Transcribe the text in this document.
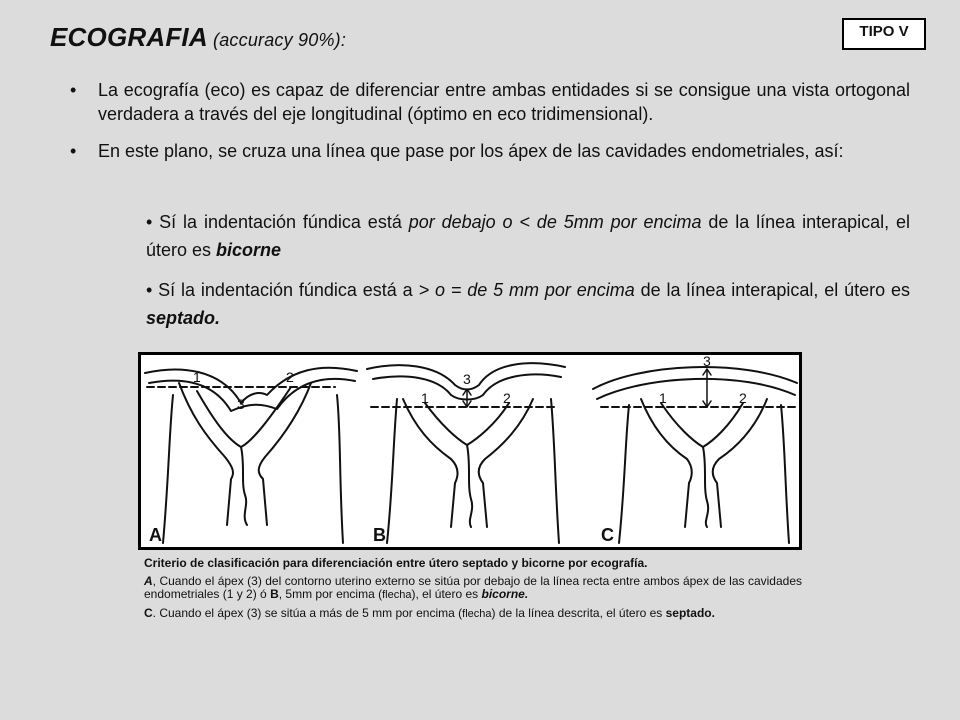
TIPO V
ECOGRAFIA (accuracy 90%):
• La ecografía (eco) es capaz de diferenciar entre ambas entidades si se consigue una vista ortogonal verdadera a través del eje longitudinal (óptimo en eco tridimensional).
• En este plano, se cruza una línea que pase por los ápex de las cavidades endometriales, así:
• Sí la indentación fúndica está por debajo o < de 5mm por encima de la línea interapical, el útero es bicorne
• Sí la indentación fúndica está a > o = de 5 mm por encima de la línea interapical, el útero es septado.
A
1	2
3
B
1	2
3
C
1	2
3

Criterio de clasificación para diferenciación entre útero septado y bicorne por ecografía.

A, Cuando el ápex (3) del contorno uterino externo se sitúa por debajo de la línea recta entre ambos ápex de las cavidades endometriales (1 y 2) ó B, 5mm por encima (flecha), el útero es bicorne.

C. Cuando el ápex (3) se sitúa a más de 5 mm por encima (flecha) de la línea descrita, el útero es septado.
